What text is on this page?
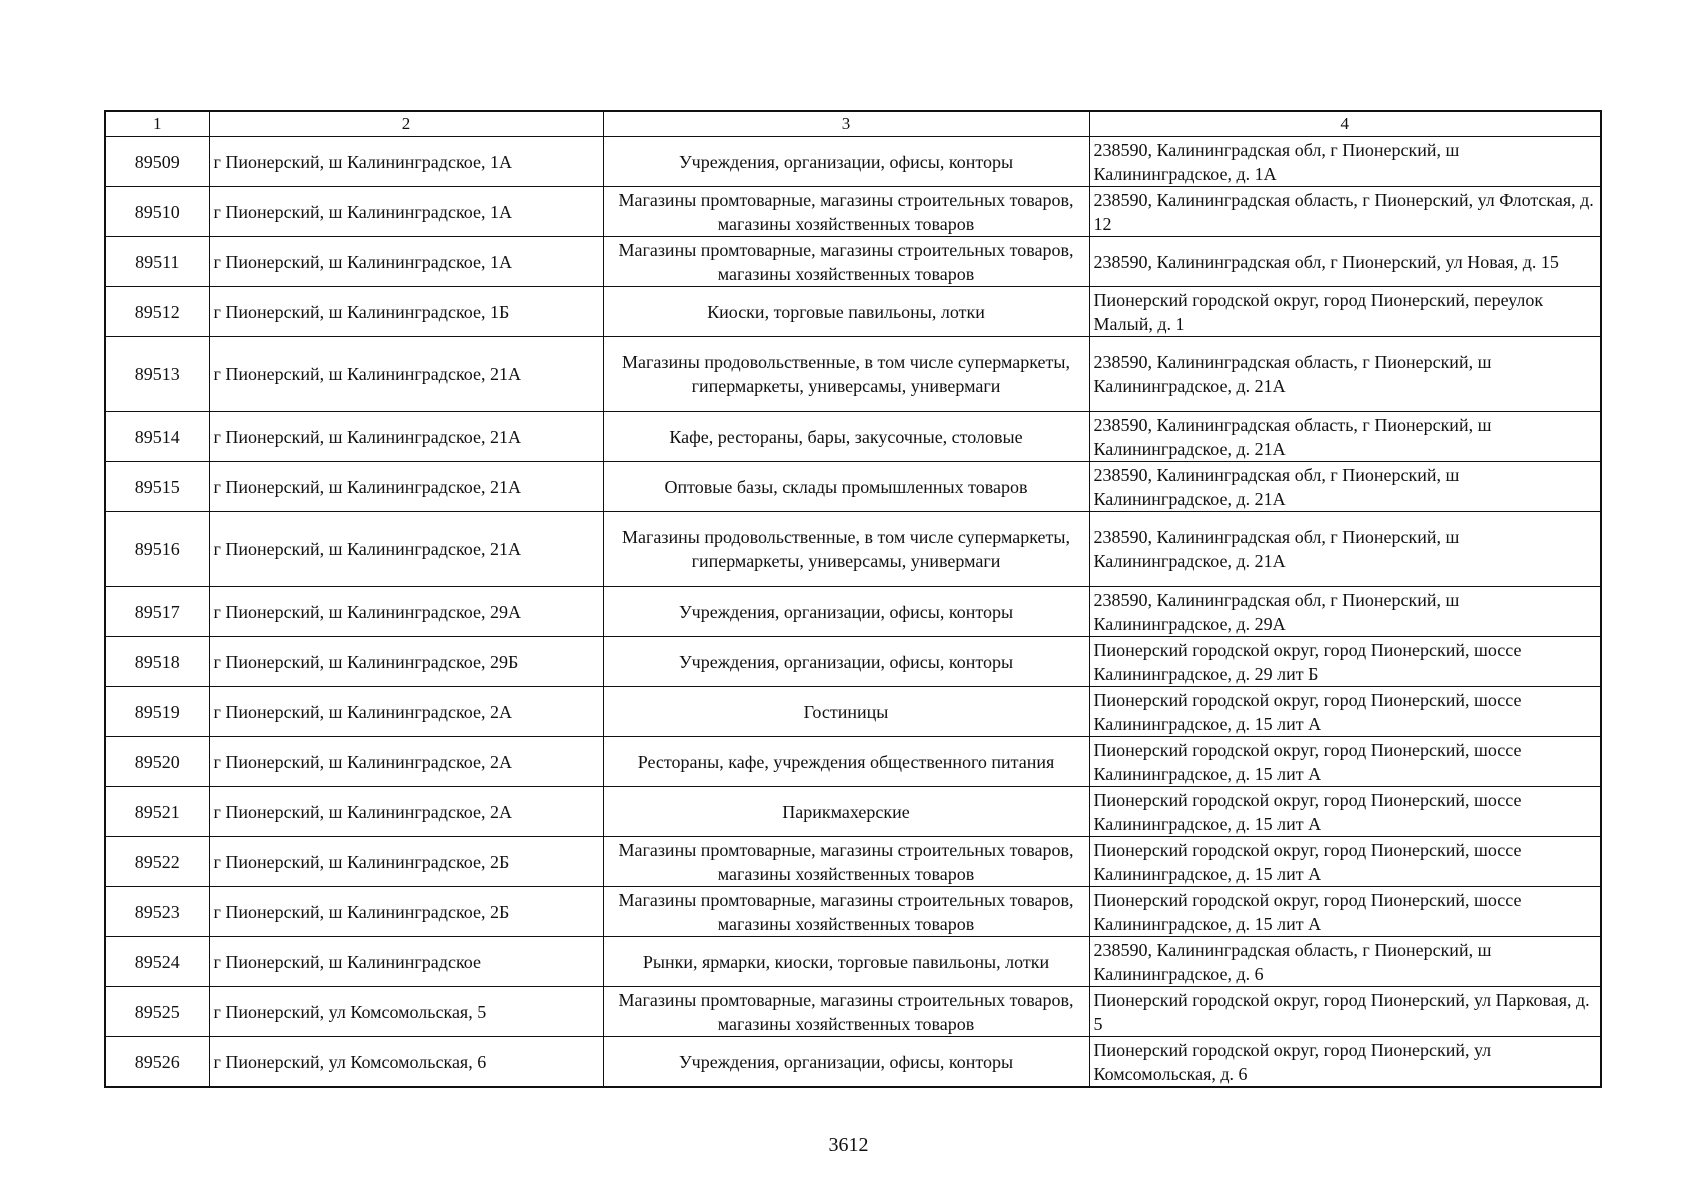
1	2	3	4
89509	г Пионерский, ш Калининградское, 1А	Учреждения, организации, офисы, конторы	238590, Калининградская обл, г Пионерский, ш Калининградское, д. 1А
89510	г Пионерский, ш Калининградское, 1А	Магазины промтоварные, магазины строительных товаров, магазины хозяйственных товаров	238590, Калининградская область, г Пионерский, ул Флотская, д. 12
89511	г Пионерский, ш Калининградское, 1А	Магазины промтоварные, магазины строительных товаров, магазины хозяйственных товаров	238590, Калининградская обл, г Пионерский, ул Новая, д. 15
89512	г Пионерский, ш Калининградское, 1Б	Киоски, торговые павильоны, лотки	Пионерский городской округ, город Пионерский, переулок Малый, д. 1
89513	г Пионерский, ш Калининградское, 21А	Магазины продовольственные, в том числе супермаркеты, гипермаркеты, универсамы, универмаги	238590, Калининградская область, г Пионерский, ш Калининградское, д. 21А
89514	г Пионерский, ш Калининградское, 21А	Кафе, рестораны, бары, закусочные, столовые	238590, Калининградская область, г Пионерский, ш Калининградское, д. 21А
89515	г Пионерский, ш Калининградское, 21А	Оптовые базы, склады промышленных товаров	238590, Калининградская обл, г Пионерский, ш Калининградское, д. 21А
89516	г Пионерский, ш Калининградское, 21А	Магазины продовольственные, в том числе супермаркеты, гипермаркеты, универсамы, универмаги	238590, Калининградская обл, г Пионерский, ш Калининградское, д. 21А
89517	г Пионерский, ш Калининградское, 29А	Учреждения, организации, офисы, конторы	238590, Калининградская обл, г Пионерский, ш Калининградское, д. 29А
89518	г Пионерский, ш Калининградское, 29Б	Учреждения, организации, офисы, конторы	Пионерский городской округ, город Пионерский, шоссе Калининградское, д. 29 лит Б
89519	г Пионерский, ш Калининградское, 2А	Гостиницы	Пионерский городской округ, город Пионерский, шоссе Калининградское, д. 15 лит А
89520	г Пионерский, ш Калининградское, 2А	Рестораны, кафе, учреждения общественного питания	Пионерский городской округ, город Пионерский, шоссе Калининградское, д. 15 лит А
89521	г Пионерский, ш Калининградское, 2А	Парикмахерские	Пионерский городской округ, город Пионерский, шоссе Калининградское, д. 15 лит А
89522	г Пионерский, ш Калининградское, 2Б	Магазины промтоварные, магазины строительных товаров, магазины хозяйственных товаров	Пионерский городской округ, город Пионерский, шоссе Калининградское, д. 15 лит А
89523	г Пионерский, ш Калининградское, 2Б	Магазины промтоварные, магазины строительных товаров, магазины хозяйственных товаров	Пионерский городской округ, город Пионерский, шоссе Калининградское, д. 15 лит А
89524	г Пионерский, ш Калининградское	Рынки, ярмарки, киоски, торговые павильоны, лотки	238590, Калининградская область, г Пионерский, ш Калининградское, д. 6
89525	г Пионерский, ул Комсомольская, 5	Магазины промтоварные, магазины строительных товаров, магазины хозяйственных товаров	Пионерский городской округ, город Пионерский, ул Парковая, д. 5
89526	г Пионерский, ул Комсомольская, 6	Учреждения, организации, офисы, конторы	Пионерский городской округ, город Пионерский, ул Комсомольская, д. 6
3612
